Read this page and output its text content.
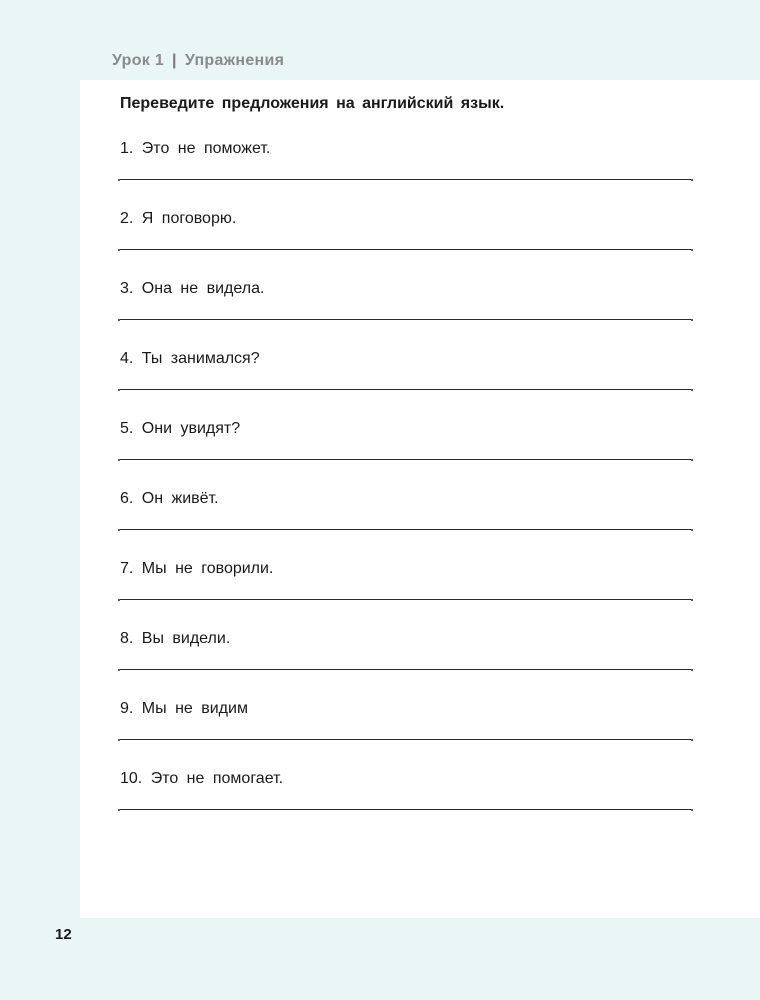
Урок 1 | Упражнения
Переведите предложения на английский язык.
1. Это не поможет.
2. Я поговорю.
3. Она не видела.
4. Ты занимался?
5. Они увидят?
6. Он живёт.
7. Мы не говорили.
8. Вы видели.
9. Мы не видим
10. Это не помогает.
12
